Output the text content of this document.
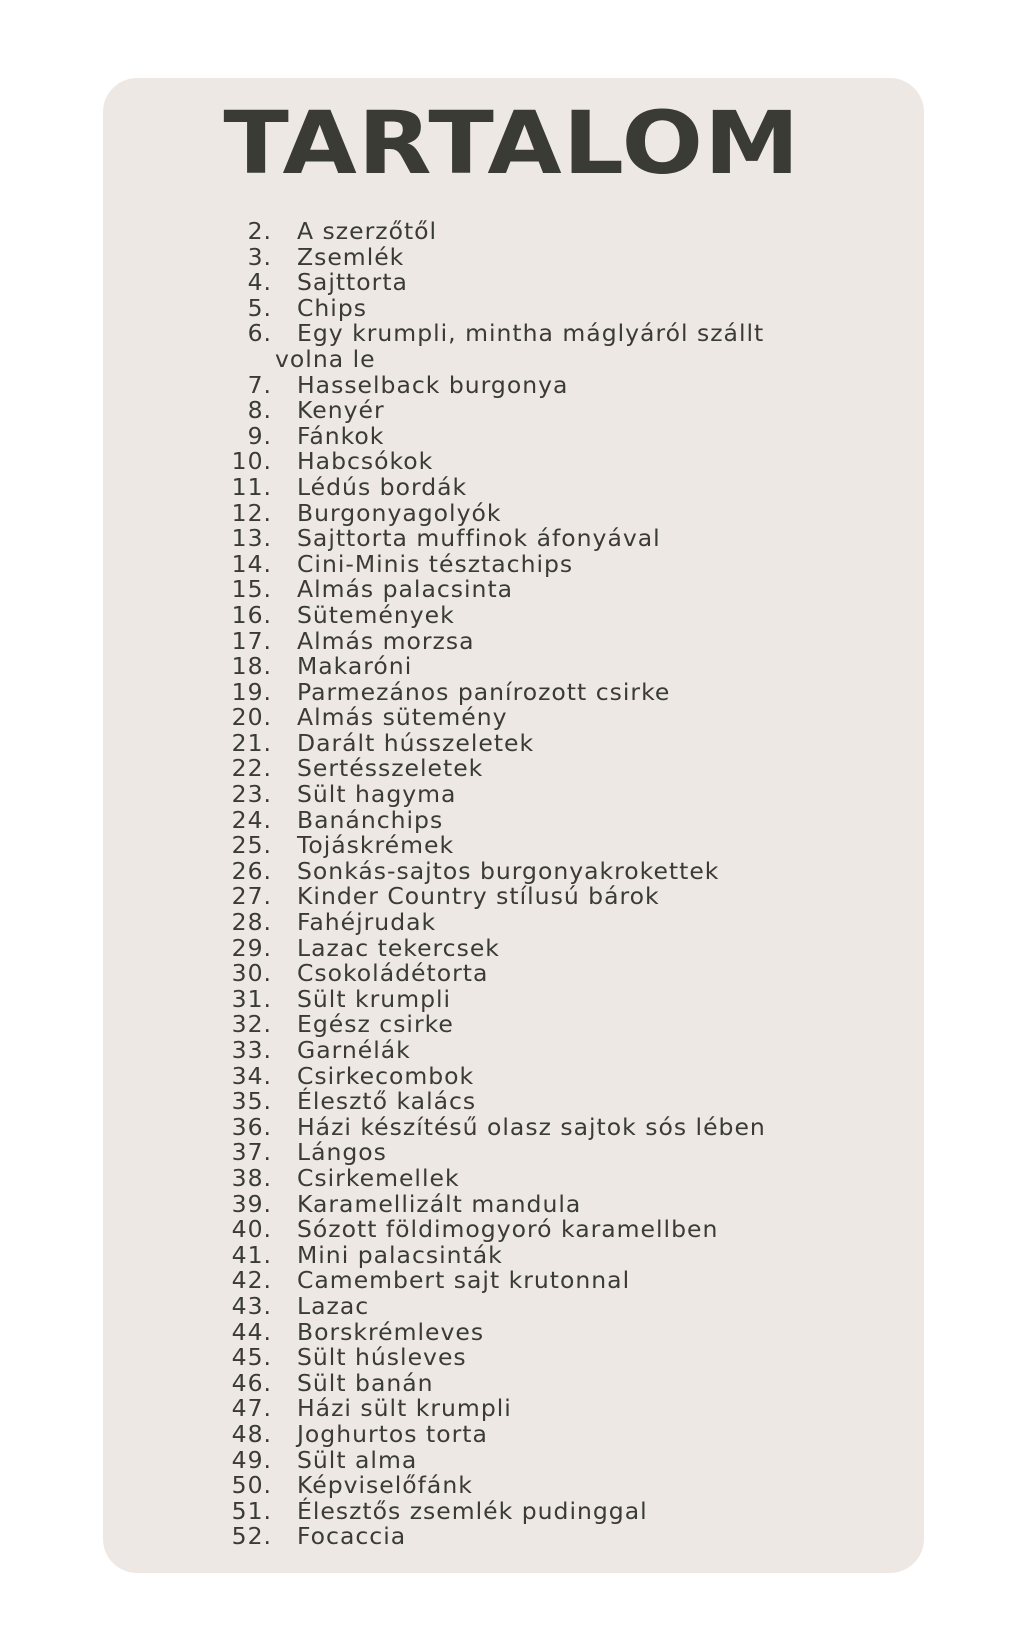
TARTALOM
2.	A szerzőtől
3.	Zsemlék
4.	Sajttorta
5.	Chips
6.	Egy krumpli, mintha máglyáról szállt
volna le
7.	Hasselback burgonya
8.	Kenyér
9.	Fánkok
10.	Habcsókok
11.	Lédús bordák
12.	Burgonyagolyók
13.	Sajttorta muffinok áfonyával
14.	Cini-Minis tésztachips
15.	Almás palacsinta
16.	Sütemények
17.	Almás morzsa
18.	Makaróni
19.	Parmezános panírozott csirke
20.	Almás sütemény
21.	Darált hússzeletek
22.	Sertésszeletek
23.	Sült hagyma
24.	Banánchips
25.	Tojáskrémek
26.	Sonkás-sajtos burgonyakrokettek
27.	Kinder Country stílusú bárok
28.	Fahéjrudak
29.	Lazac tekercsek
30.	Csokoládétorta
31.	Sült krumpli
32.	Egész csirke
33.	Garnélák
34.	Csirkecombok
35.	Élesztő kalács
36.	Házi készítésű olasz sajtok sós lében
37.	Lángos
38.	Csirkemellek
39.	Karamellizált mandula
40.	Sózott földimogyoró karamellben
41.	Mini palacsinták
42.	Camembert sajt krutonnal
43.	Lazac
44.	Borskrémleves
45.	Sült húsleves
46.	Sült banán
47.	Házi sült krumpli
48.	Joghurtos torta
49.	Sült alma
50.	Képviselőfánk
51.	Élesztős zsemlék pudinggal
52.	Focaccia
